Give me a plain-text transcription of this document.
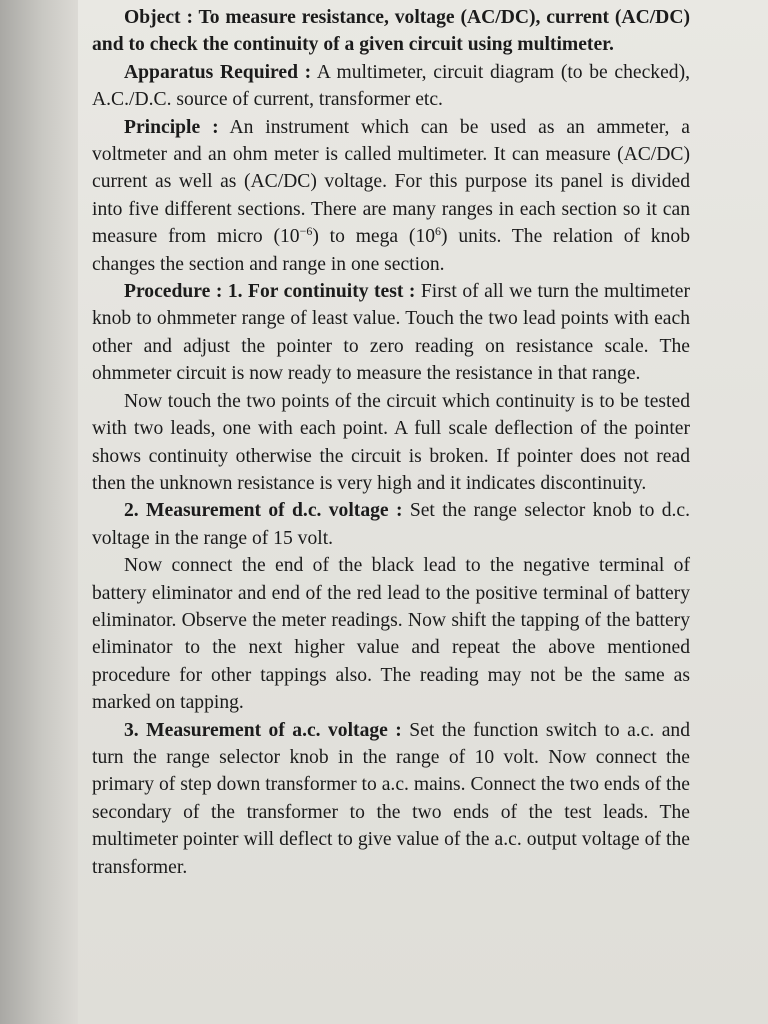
Object : To measure resistance, voltage (AC/DC), current (AC/DC) and to check the continuity of a given circuit using multimeter.

Apparatus Required : A multimeter, circuit diagram (to be checked), A.C./D.C. source of current, transformer etc.

Principle : An instrument which can be used as an ammeter, a voltmeter and an ohm meter is called multimeter. It can measure (AC/DC) current as well as (AC/DC) voltage. For this purpose its panel is divided into five different sections. There are many ranges in each section so it can measure from micro $(10^{-6})$ to mega $(10^6)$ units. The relation of knob changes the section and range in one section.

Procedure : 1. For continuity test : First of all we turn the multimeter knob to ohmmeter range of least value. Touch the two lead points with each other and adjust the pointer to zero reading on resistance scale. The ohmmeter circuit is now ready to measure the resistance in that range.

Now touch the two points of the circuit which continuity is to be tested with two leads, one with each point. A full scale deflection of the pointer shows continuity otherwise the circuit is broken. If pointer does not read then the unknown resistance is very high and it indicates discontinuity.

2. Measurement of d.c. voltage : Set the range selector knob to d.c. voltage in the range of 15 volt.

Now connect the end of the black lead to the negative terminal of battery eliminator and end of the red lead to the positive terminal of battery eliminator. Observe the meter readings. Now shift the tapping of the battery eliminator to the next higher value and repeat the above mentioned procedure for other tappings also. The reading may not be the same as marked on tapping.

3. Measurement of a.c. voltage : Set the function switch to a.c. and turn the range selector knob in the range of 10 volt. Now connect the primary of step down transformer to a.c. mains. Connect the two ends of the secondary of the transformer to the two ends of the test leads. The multimeter pointer will deflect to give value of the a.c. output voltage of the transformer.
